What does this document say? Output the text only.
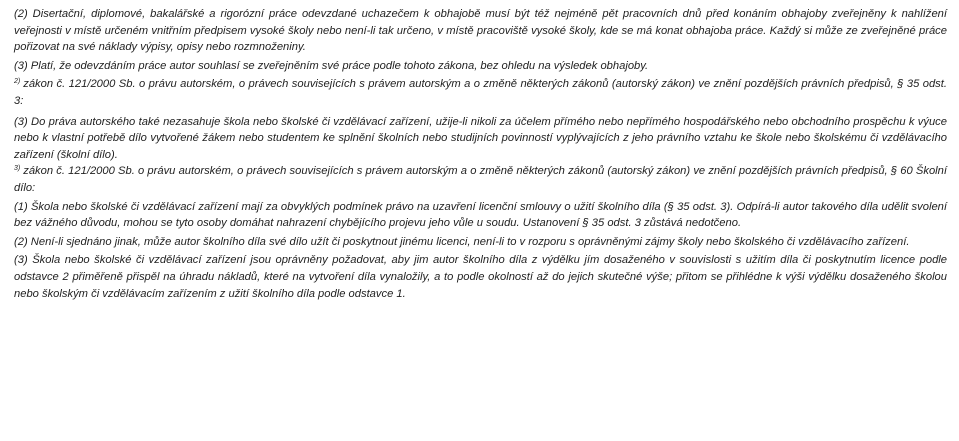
(2) Disertační, diplomové, bakalářské a rigorózní práce odevzdané uchazečem k obhajobě musí být též nejméně pět pracovních dnů před konáním obhajoby zveřejněny k nahlížení veřejnosti v místě určeném vnitřním předpisem vysoké školy nebo není-li tak určeno, v místě pracoviště vysoké školy, kde se má konat obhajoba práce. Každý si může ze zveřejněné práce pořizovat na své náklady výpisy, opisy nebo rozmnoženiny.

(3) Platí, že odevzdáním práce autor souhlasí se zveřejněním své práce podle tohoto zákona, bez ohledu na výsledek obhajoby.

$^{2)}$ zákon č. 121/2000 Sb. o právu autorském, o právech souvisejících s právem autorským a o změně některých zákonů (autorský zákon) ve znění pozdějších právních předpisů, § 35 odst. 3:

(3) Do práva autorského také nezasahuje škola nebo školské či vzdělávací zařízení, užije-li nikoli za účelem přímého nebo nepřímého hospodářského nebo obchodního prospěchu k výuce nebo k vlastní potřebě dílo vytvořené žákem nebo studentem ke splnění školních nebo studijních povinností vyplývajících z jeho právního vztahu ke škole nebo školskému či vzdělávacího zařízení (školní dílo).

$^{3)}$ zákon č. 121/2000 Sb. o právu autorském, o právech souvisejících s právem autorským a o změně některých zákonů (autorský zákon) ve znění pozdějších právních předpisů, § 60 Školní dílo:

(1) Škola nebo školské či vzdělávací zařízení mají za obvyklých podmínek právo na uzavření licenční smlouvy o užití školního díla (§ 35 odst. 3). Odpírá-li autor takového díla udělit svolení bez vážného důvodu, mohou se tyto osoby domáhat nahrazení chybějícího projevu jeho vůle u soudu. Ustanovení § 35 odst. 3 zůstává nedotčeno.

(2) Není-li sjednáno jinak, může autor školního díla své dílo užít či poskytnout jinému licenci, není-li to v rozporu s oprávněnými zájmy školy nebo školského či vzdělávacího zařízení.

(3) Škola nebo školské či vzdělávací zařízení jsou oprávněny požadovat, aby jim autor školního díla z výdělku jím dosaženého v souvislosti s užitím díla či poskytnutím licence podle odstavce 2 přiměřeně přispěl na úhradu nákladů, které na vytvoření díla vynaložily, a to podle okolností až do jejich skutečné výše; přitom se přihlédne k výši výdělku dosaženého školou nebo školským či vzdělávacím zařízením z užití školního díla podle odstavce 1.
